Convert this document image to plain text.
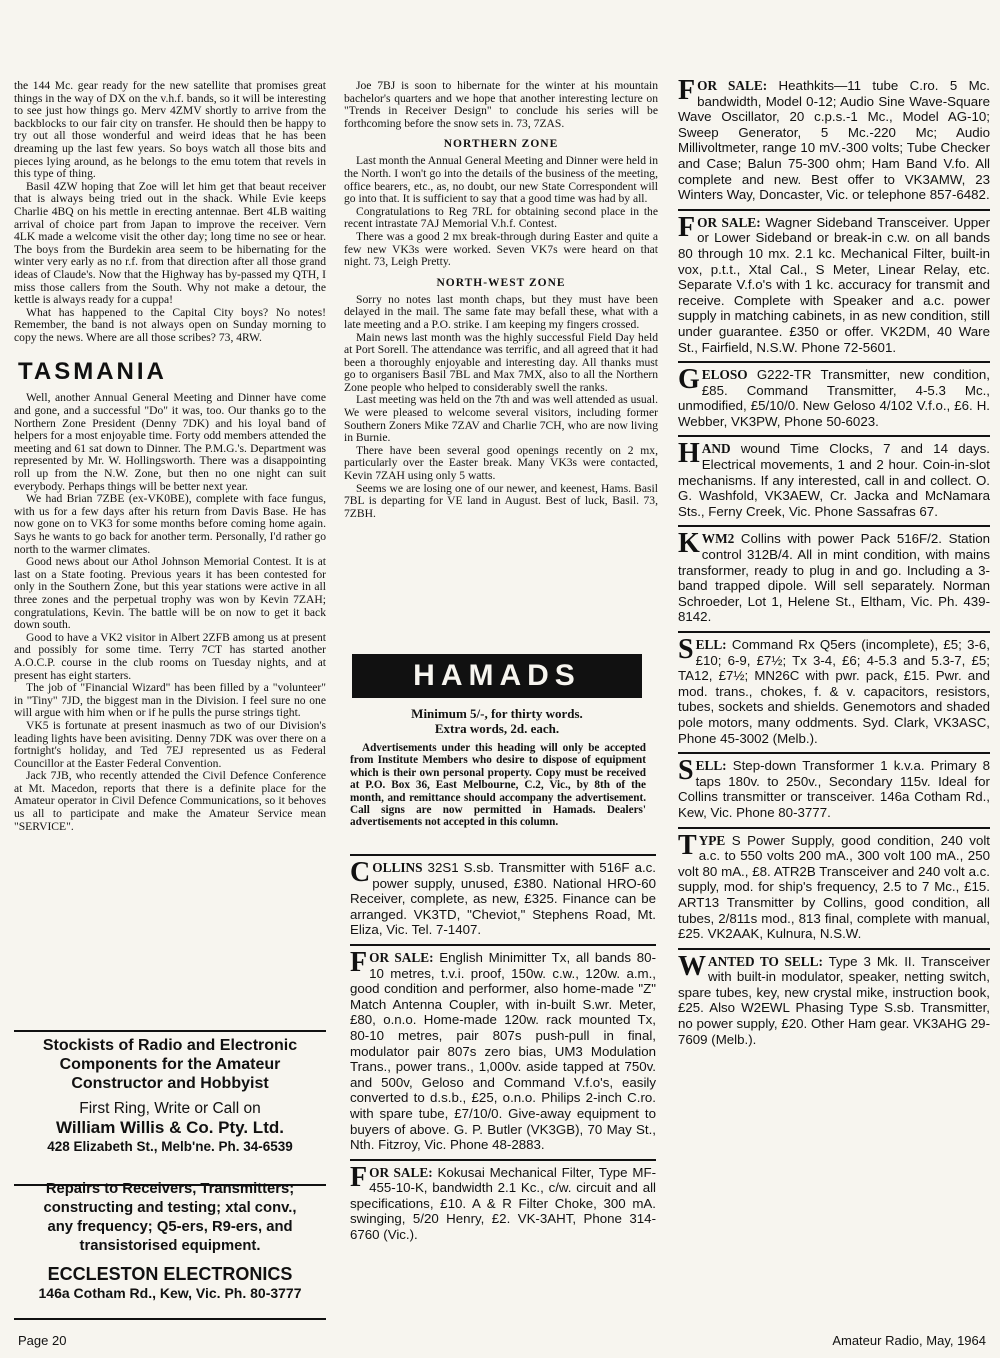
the 144 Mc. gear ready for the new satellite that promises great things in the way of DX on the v.h.f. bands, so it will be interesting to see just how things go. Merv 4ZMV shortly to arrive from the backblocks to our fair city on transfer. He should then be happy to try out all those wonderful and weird ideas that he has been dreaming up the last few years. So boys watch all those bits and pieces lying around, as he belongs to the emu totem that revels in this type of thing.

Basil 4ZW hoping that Zoe will let him get that beaut receiver that is always being tried out in the shack. While Evie keeps Charlie 4BQ on his mettle in erecting antennae. Bert 4LB waiting arrival of choice part from Japan to improve the receiver. Vern 4LK made a welcome visit the other day; long time no see or hear. The boys from the Burdekin area seem to be hibernating for the winter very early as no r.f. from that direction after all those grand ideas of Claude's. Now that the Highway has by-passed my QTH, I miss those callers from the South. Why not make a detour, the kettle is always ready for a cuppa!

What has happened to the Capital City boys? No notes! Remember, the band is not always open on Sunday morning to copy the news. Where are all those scribes? 73, 4RW.

TASMANIA

Well, another Annual General Meeting and Dinner have come and gone, and a successful "Do" it was, too. Our thanks go to the Northern Zone President (Denny 7DK) and his loyal band of helpers for a most enjoyable time. Forty odd members attended the meeting and 61 sat down to Dinner. The P.M.G.'s. Department was represented by Mr. W. Hollingsworth. There was a disappointing roll up from the N.W. Zone, but then no one night can suit everybody. Perhaps things will be better next year.

We had Brian 7ZBE (ex-VK0BE), complete with face fungus, with us for a few days after his return from Davis Base. He has now gone on to VK3 for some months before coming home again. Says he wants to go back for another term. Personally, I'd rather go north to the warmer climates.

Good news about our Athol Johnson Memorial Contest. It is at last on a State footing. Previous years it has been contested for only in the Southern Zone, but this year stations were active in all three zones and the perpetual trophy was won by Kevin 7ZAH; congratulations, Kevin. The battle will be on now to get it back down south.

Good to have a VK2 visitor in Albert 2ZFB among us at present and possibly for some time. Terry 7CT has started another A.O.C.P. course in the club rooms on Tuesday nights, and at present has eight starters.

The job of "Financial Wizard" has been filled by a "volunteer" in "Tiny" 7JD, the biggest man in the Division. I feel sure no one will argue with him when or if he pulls the purse strings tight.

VK5 is fortunate at present inasmuch as two of our Division's leading lights have been avisiting. Denny 7DK was over there on a fortnight's holiday, and Ted 7EJ represented us as Federal Councillor at the Easter Federal Convention.

Jack 7JB, who recently attended the Civil Defence Conference at Mt. Macedon, reports that there is a definite place for the Amateur operator in Civil Defence Communications, so it behoves us all to participate and make the Amateur Service mean "SERVICE".

Stockists of Radio and Electronic
Components for the Amateur
Constructor and Hobbyist
First Ring, Write or Call on
William Willis & Co. Pty. Ltd.
428 Elizabeth St., Melb'ne. Ph. 34-6539
Repairs to Receivers, Transmitters;
constructing and testing; xtal conv.,
any frequency; Q5-ers, R9-ers, and
transistorised equipment.
ECCLESTON ELECTRONICS
146a Cotham Rd., Kew, Vic. Ph. 80-3777

Joe 7BJ is soon to hibernate for the winter at his mountain bachelor's quarters and we hope that another interesting lecture on "Trends in Receiver Design" to conclude his series will be forthcoming before the snow sets in. 73, 7ZAS.

NORTHERN ZONE

Last month the Annual General Meeting and Dinner were held in the North. I won't go into the details of the business of the meeting, office bearers, etc., as, no doubt, our new State Correspondent will go into that. It is sufficient to say that a good time was had by all.

Congratulations to Reg 7RL for obtaining second place in the recent intrastate 7AJ Memorial V.h.f. Contest.

There was a good 2 mx break-through during Easter and quite a few new VK3s were worked. Seven VK7s were heard on that night. 73, Leigh Pretty.

NORTH-WEST ZONE

Sorry no notes last month chaps, but they must have been delayed in the mail. The same fate may befall these, what with a late meeting and a P.O. strike. I am keeping my fingers crossed.

Main news last month was the highly successful Field Day held at Port Sorell. The attendance was terrific, and all agreed that it had been a thoroughly enjoyable and interesting day. All thanks must go to organisers Basil 7BL and Max 7MX, also to all the Northern Zone people who helped to considerably swell the ranks.

Last meeting was held on the 7th and was well attended as usual. We were pleased to welcome several visitors, including former Southern Zoners Mike 7ZAV and Charlie 7CH, who are now living in Burnie.

There have been several good openings recently on 2 mx, particularly over the Easter break. Many VK3s were contacted, Kevin 7ZAH using only 5 watts.

Seems we are losing one of our newer, and keenest, Hams. Basil 7BL is departing for VE land in August. Best of luck, Basil. 73, 7ZBH.

HAMADS
Minimum 5/-, for thirty words.
Extra words, 2d. each.

Advertisements under this heading will only be accepted from Institute Members who desire to dispose of equipment which is their own personal property. Copy must be received at P.O. Box 36, East Melbourne, C.2, Vic., by 8th of the month, and remittance should accompany the advertisement. Call signs are now permitted in Hamads. Dealers' advertisements not accepted in this column.

COLLINS 32S1 S.sb. Transmitter with 516F a.c. power supply, unused, £380. National HRO-60 Receiver, complete, as new, £325. Finance can be arranged. VK3TD, "Cheviot," Stephens Road, Mt. Eliza, Vic. Tel. 7-1407.

FOR SALE: English Minimitter Tx, all bands 80-10 metres, t.v.i. proof, 150w. c.w., 120w. a.m., good condition and performer, also home-made "Z" Match Antenna Coupler, with in-built S.wr. Meter, £80, o.n.o. Home-made 120w. rack mounted Tx, 80-10 metres, pair 807s push-pull in final, modulator pair 807s zero bias, UM3 Modulation Trans., power trans., 1,000v. aside tapped at 750v. and 500v, Geloso and Command V.f.o's, easily converted to d.s.b., £25, o.n.o. Philips 2-inch C.ro. with spare tube, £7/10/0. Give-away equipment to buyers of above. G. P. Butler (VK3GB), 70 May St., Nth. Fitzroy, Vic. Phone 48-2883.

FOR SALE: Kokusai Mechanical Filter, Type MF-455-10-K, bandwidth 2.1 Kc., c/w. circuit and all specifications, £10. A & R Filter Choke, 300 mA. swinging, 5/20 Henry, £2. VK-3AHT, Phone 314-6760 (Vic.).

FOR SALE: Heathkits—11 tube C.ro. 5 Mc. bandwidth, Model 0-12; Audio Sine Wave-Square Wave Oscillator, 20 c.p.s.-1 Mc., Model AG-10; Sweep Generator, 5 Mc.-220 Mc; Audio Millivoltmeter, range 10 mV.-300 volts; Tube Checker and Case; Balun 75-300 ohm; Ham Band V.fo. All complete and new. Best offer to VK3AMW, 23 Winters Way, Doncaster, Vic. or telephone 857-6482.

FOR SALE: Wagner Sideband Transceiver. Upper or Lower Sideband or break-in c.w. on all bands 80 through 10 mx. 2.1 kc. Mechanical Filter, built-in vox, p.t.t., Xtal Cal., S Meter, Linear Relay, etc. Separate V.f.o's with 1 kc. accuracy for transmit and receive. Complete with Speaker and a.c. power supply in matching cabinets, in as new condition, still under guarantee. £350 or offer. VK2DM, 40 Ware St., Fairfield, N.S.W. Phone 72-5601.

GELOSO G222-TR Transmitter, new condition, £85. Command Transmitter, 4-5.3 Mc., unmodified, £5/10/0. New Geloso 4/102 V.f.o., £6. H. Webber, VK3PW, Phone 50-6023.

HAND wound Time Clocks, 7 and 14 days. Electrical movements, 1 and 2 hour. Coin-in-slot mechanisms. If any interested, call in and collect. O. G. Washfold, VK3AEW, Cr. Jacka and McNamara Sts., Ferny Creek, Vic. Phone Sassafras 67.

KWM2 Collins with power Pack 516F/2. Station control 312B/4. All in mint condition, with mains transformer, ready to plug in and go. Including a 3-band trapped dipole. Will sell separately. Norman Schroeder, Lot 1, Helene St., Eltham, Vic. Ph. 439-8142.

SELL: Command Rx Q5ers (incomplete), £5; 3-6, £10; 6-9, £7½; Tx 3-4, £6; 4-5.3 and 5.3-7, £5; TA12, £7½; MN26C with pwr. pack, £15. Pwr. and mod. trans., chokes, f. & v. capacitors, resistors, tubes, sockets and shields. Genemotors and shaded pole motors, many oddments. Syd. Clark, VK3ASC, Phone 45-3002 (Melb.).

SELL: Step-down Transformer 1 k.v.a. Primary 8 taps 180v. to 250v., Secondary 115v. Ideal for Collins transmitter or transceiver. 146a Cotham Rd., Kew, Vic. Phone 80-3777.

TYPE S Power Supply, good condition, 240 volt a.c. to 550 volts 200 mA., 300 volt 100 mA., 250 volt 80 mA., £8. ATR2B Transceiver and 240 volt a.c. supply, mod. for ship's frequency, 2.5 to 7 Mc., £15. ART13 Transmitter by Collins, good condition, all tubes, 2/811s mod., 813 final, complete with manual, £25. VK2AAK, Kulnura, N.S.W.

WANTED TO SELL: Type 3 Mk. II. Transceiver with built-in modulator, speaker, netting switch, spare tubes, key, new crystal mike, instruction book, £25. Also W2EWL Phasing Type S.sb. Transmitter, no power supply, £20. Other Ham gear. VK3AHG 29-7609 (Melb.).

Page 20	Amateur Radio, May, 1964
